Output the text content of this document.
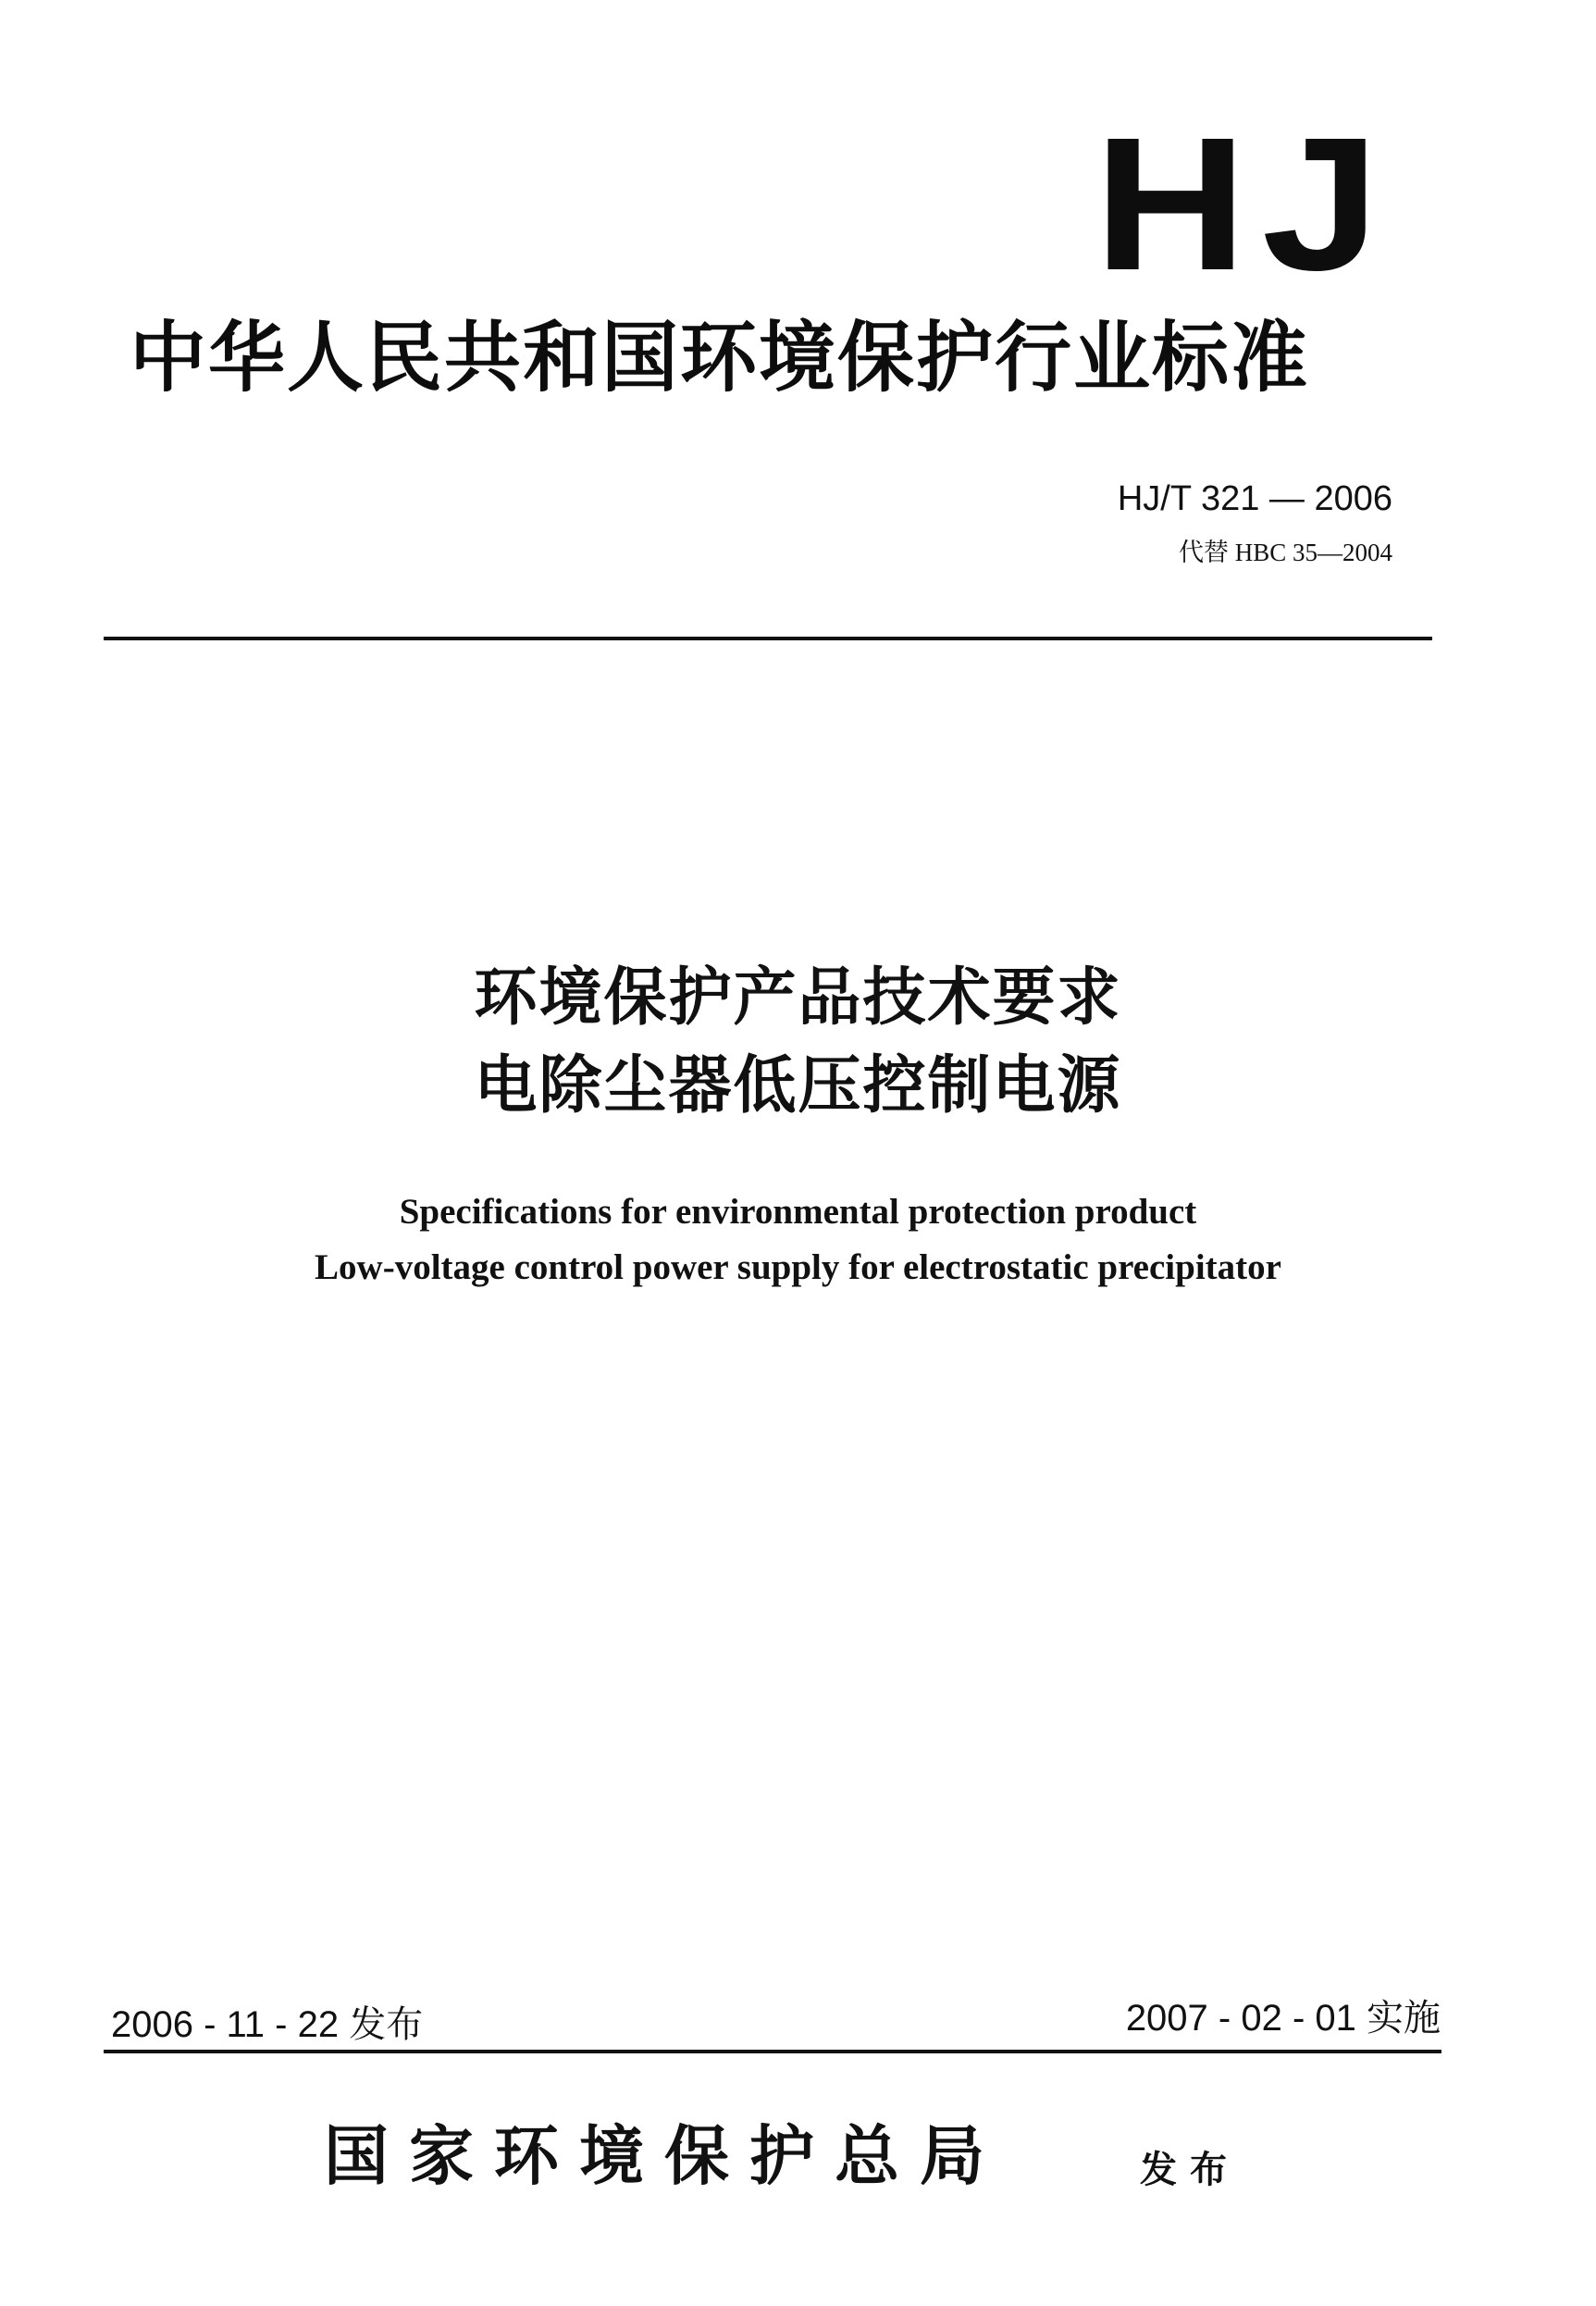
HJ
中华人民共和国环境保护行业标准
HJ/T 321 — 2006
代替 HBC 35—2004
环境保护产品技术要求
电除尘器低压控制电源
Specifications for environmental protection product
Low-voltage control power supply for electrostatic precipitator
2006 - 11 - 22 发布	2007 - 02 - 01 实施
国家环境保护总局	发布
